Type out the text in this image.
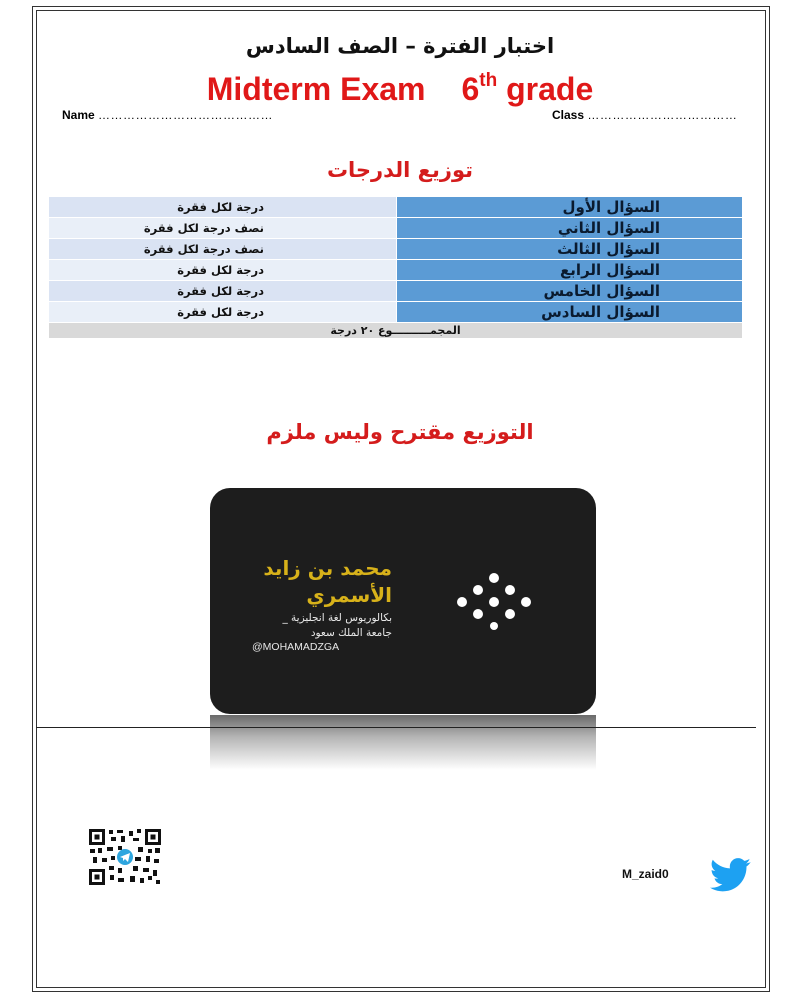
اختبار الفترة – الصف السادس
Midterm Exam 6th grade
Name ……………………………………	Class ………………………………
توزيع الدرجات
السؤال الأول	درجة لكل فقرة
السؤال الثاني	نصف درجة لكل فقرة
السؤال الثالث	نصف درجة لكل فقرة
السؤال الرابع	درجة لكل فقرة
السؤال الخامس	درجة لكل فقرة
السؤال السادس	درجة لكل فقرة
المجمــــــــــوع ٢٠ درجة	
التوزيع مقترح وليس ملزم
محمد بن زايد
الأسمري
بكالوريوس لغة انجليزية _
جامعة الملك سعود
@MOHAMADZGA
M_zaid0
